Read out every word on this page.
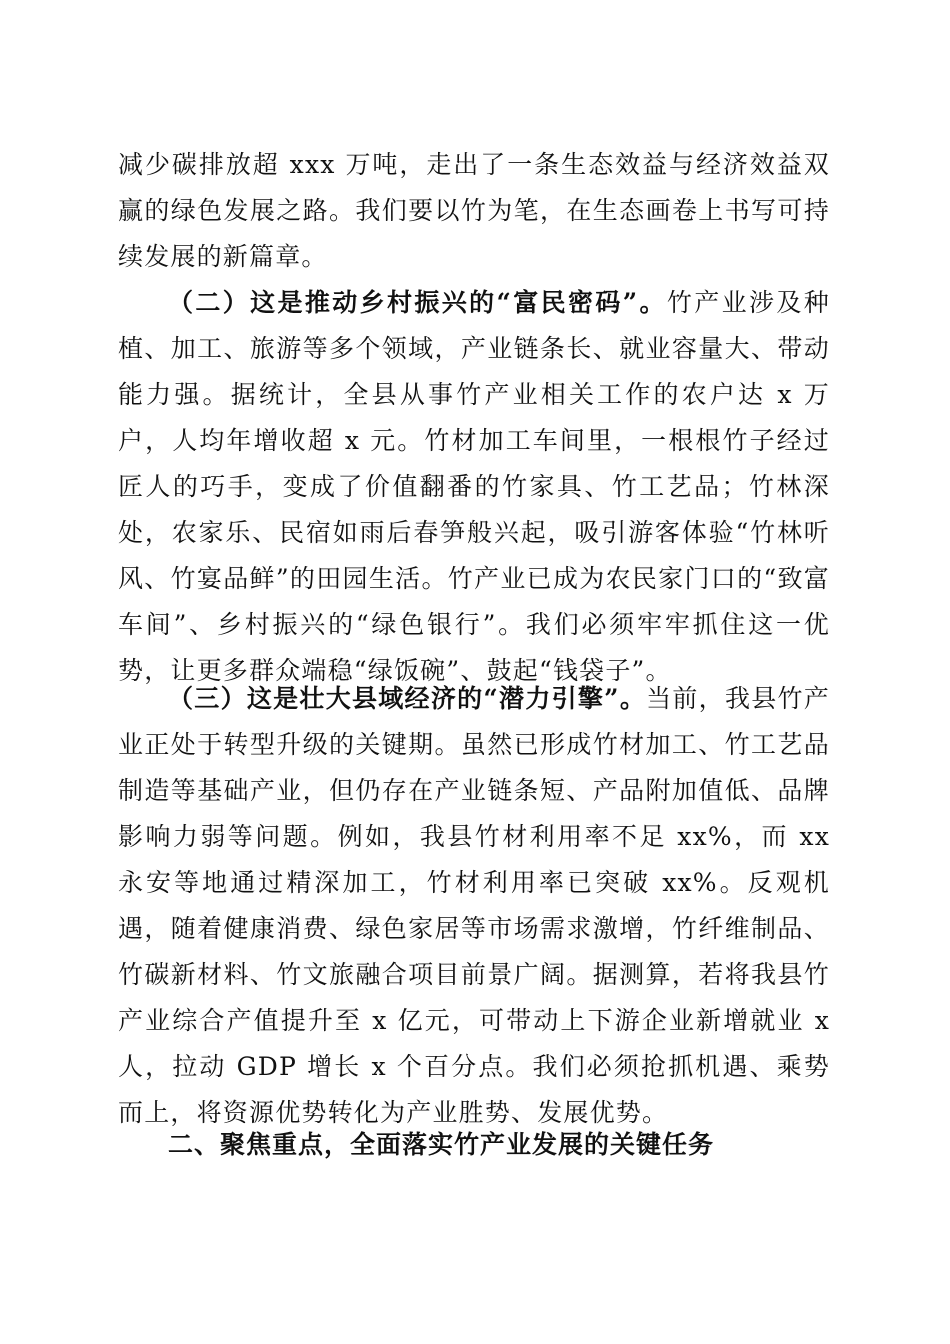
减少碳排放超 xxx 万吨，走出了一条生态效益与经济效益双赢的绿色发展之路。我们要以竹为笔，在生态画卷上书写可持续发展的新篇章。

（二）这是推动乡村振兴的“富民密码”。竹产业涉及种植、加工、旅游等多个领域，产业链条长、就业容量大、带动能力强。据统计，全县从事竹产业相关工作的农户达 x 万户，人均年增收超 x 元。竹材加工车间里，一根根竹子经过匠人的巧手，变成了价值翻番的竹家具、竹工艺品；竹林深处，农家乐、民宿如雨后春笋般兴起，吸引游客体验“竹林听风、竹宴品鲜”的田园生活。竹产业已成为农民家门口的“致富车间”、乡村振兴的“绿色银行”。我们必须牢牢抓住这一优势，让更多群众端稳“绿饭碗”、鼓起“钱袋子”。

（三）这是壮大县域经济的“潜力引擎”。当前，我县竹产业正处于转型升级的关键期。虽然已形成竹材加工、竹工艺品制造等基础产业，但仍存在产业链条短、产品附加值低、品牌影响力弱等问题。例如，我县竹材利用率不足 xx%，而 xx 永安等地通过精深加工，竹材利用率已突破 xx%。反观机遇，随着健康消费、绿色家居等市场需求激增，竹纤维制品、竹碳新材料、竹文旅融合项目前景广阔。据测算，若将我县竹产业综合产值提升至 x 亿元，可带动上下游企业新增就业 x 人，拉动 GDP 增长 x 个百分点。我们必须抢抓机遇、乘势而上，将资源优势转化为产业胜势、发展优势。

二、聚焦重点，全面落实竹产业发展的关键任务
